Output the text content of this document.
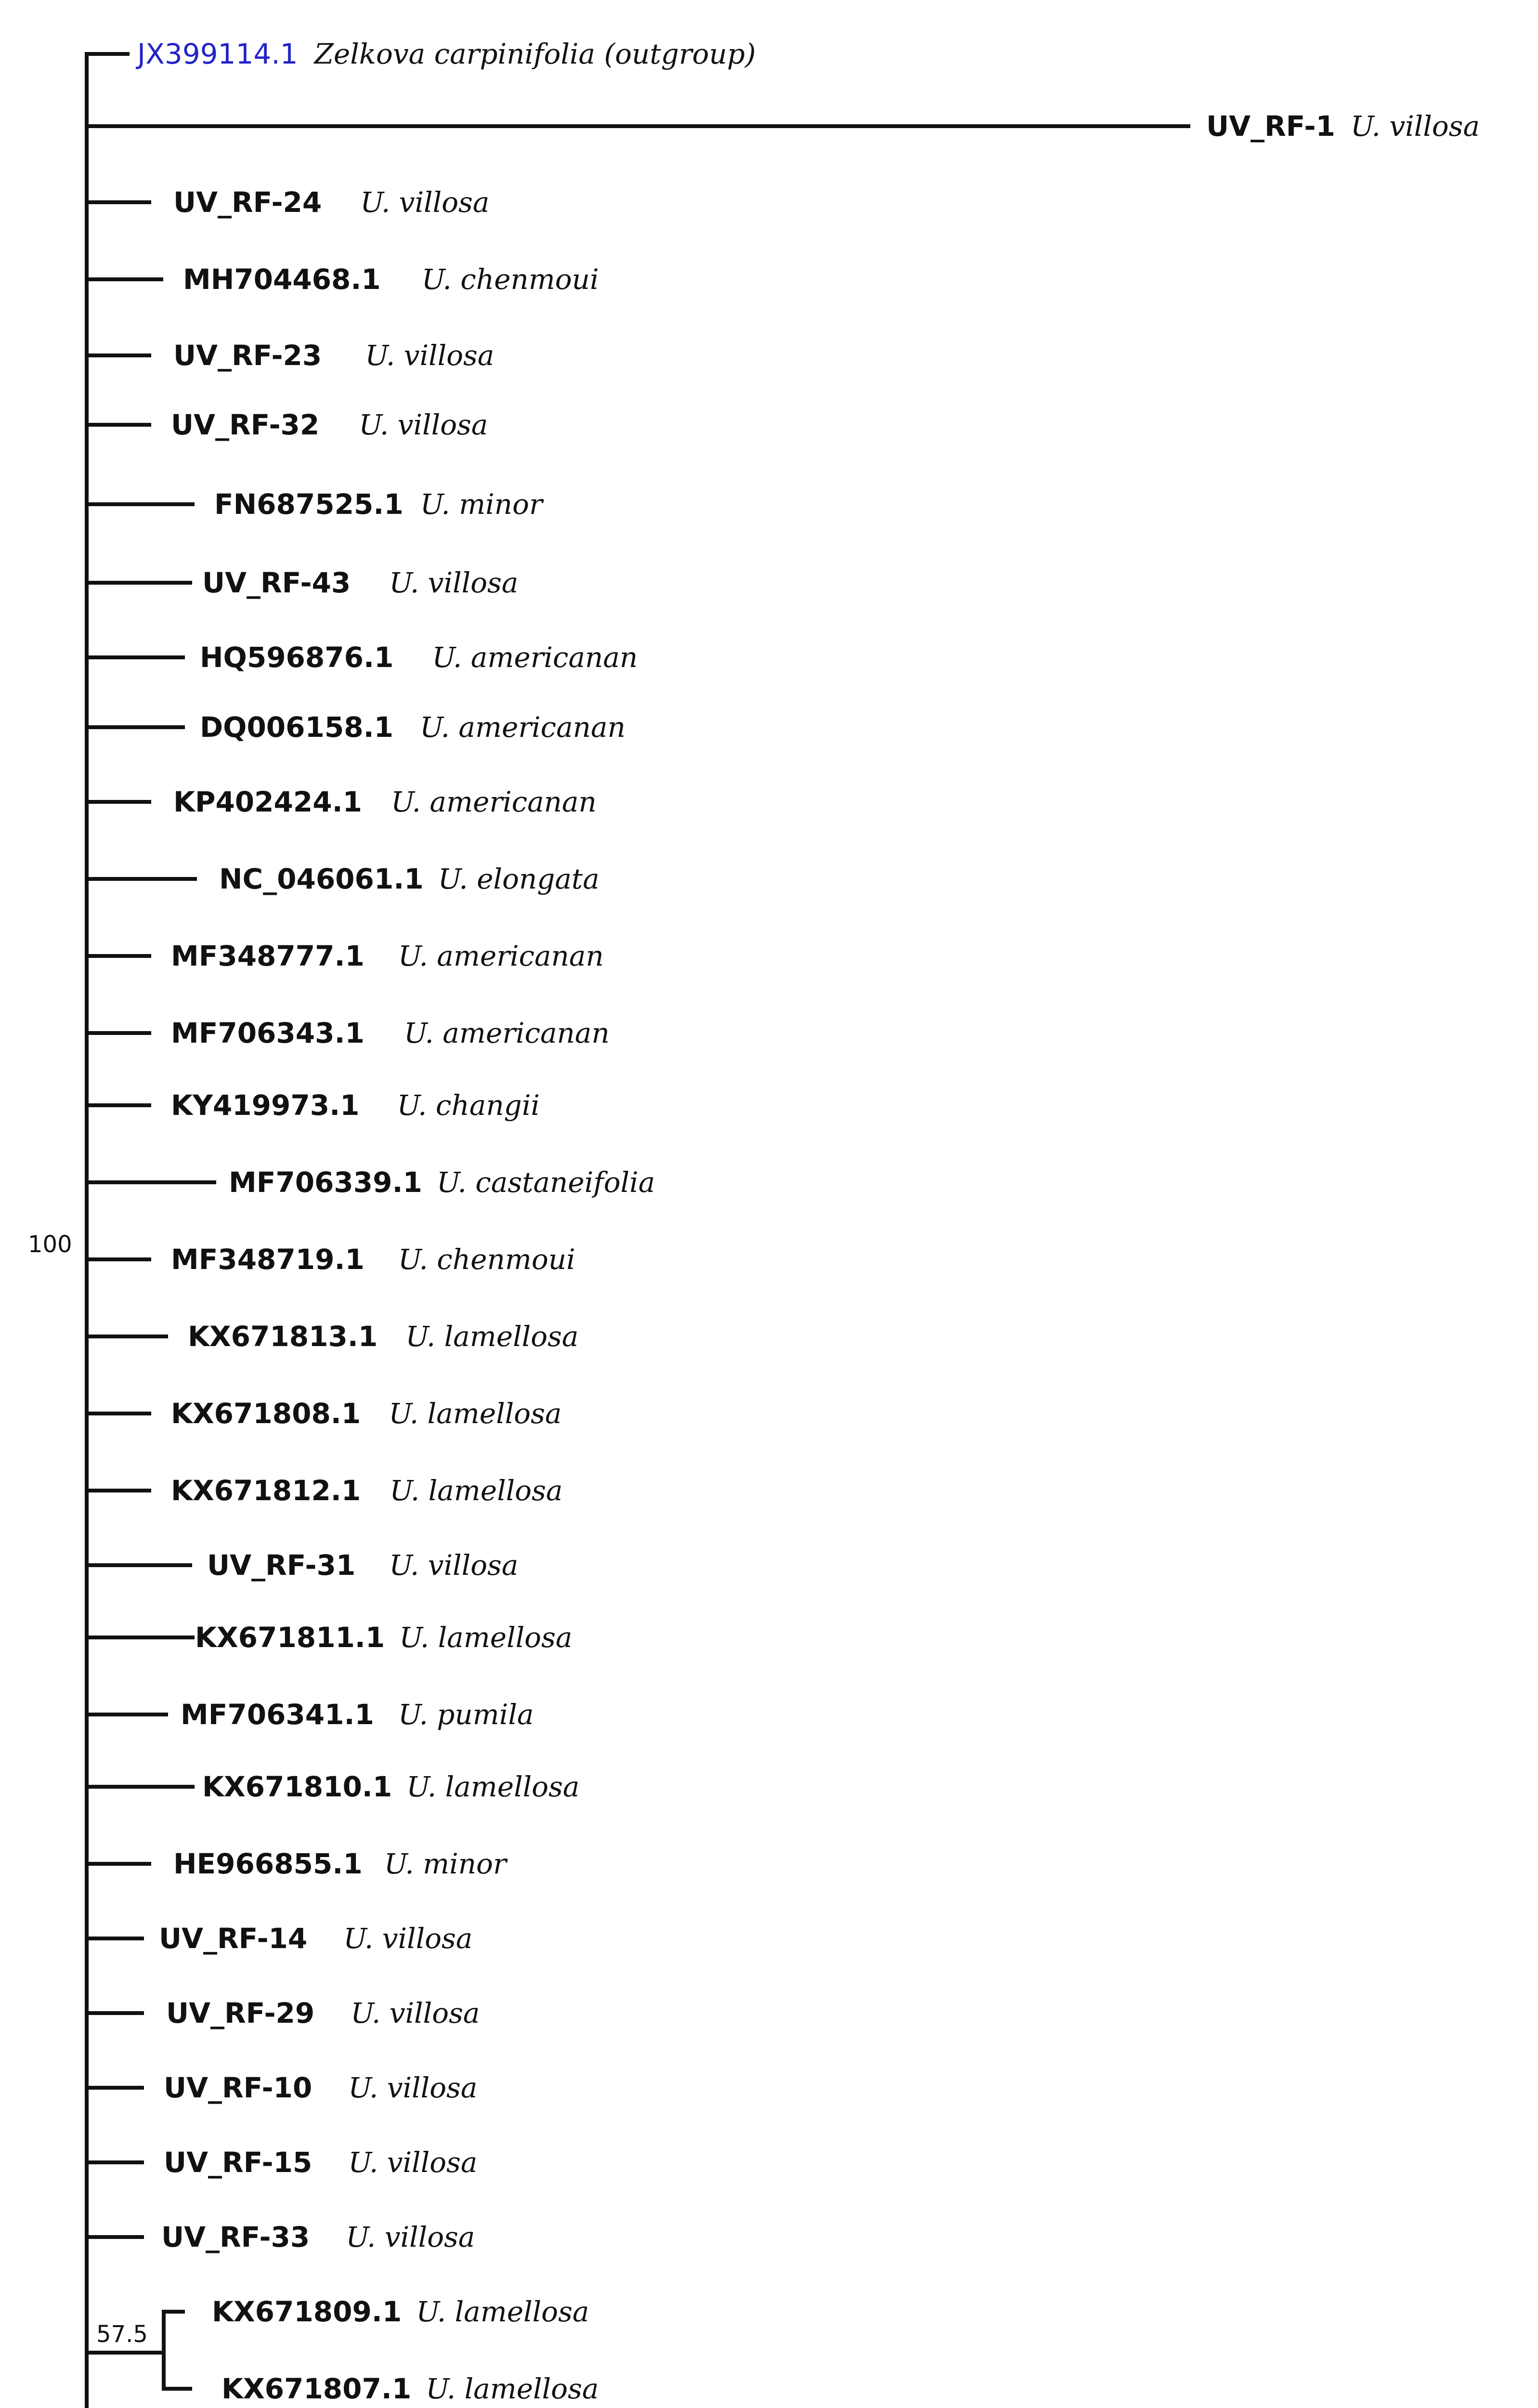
100
JX399114.1 Zelkova carpinifolia (outgroup)
UV_RF-1 U. villosa
UV_RF-24 U. villosa
MH704468.1 U. chenmoui
UV_RF-23 U. villosa
UV_RF-32 U. villosa
FN687525.1 U. minor
UV_RF-43 U. villosa
HQ596876.1 U. americanan
DQ006158.1 U. americanan
KP402424.1 U. americanan
NC_046061.1 U. elongata
MF348777.1 U. americanan
MF706343.1 U. americanan
KY419973.1 U. changii
MF706339.1 U. castaneifolia
MF348719.1 U. chenmoui
KX671813.1 U. lamellosa
KX671808.1 U. lamellosa
KX671812.1 U. lamellosa
UV_RF-31 U. villosa
KX671811.1 U. lamellosa
MF706341.1 U. pumila
KX671810.1 U. lamellosa
HE966855.1 U. minor
UV_RF-14 U. villosa
UV_RF-29 U. villosa
UV_RF-10 U. villosa
UV_RF-15 U. villosa
UV_RF-33 U. villosa
57.5
KX671809.1 U. lamellosa
KX671807.1 U. lamellosa
